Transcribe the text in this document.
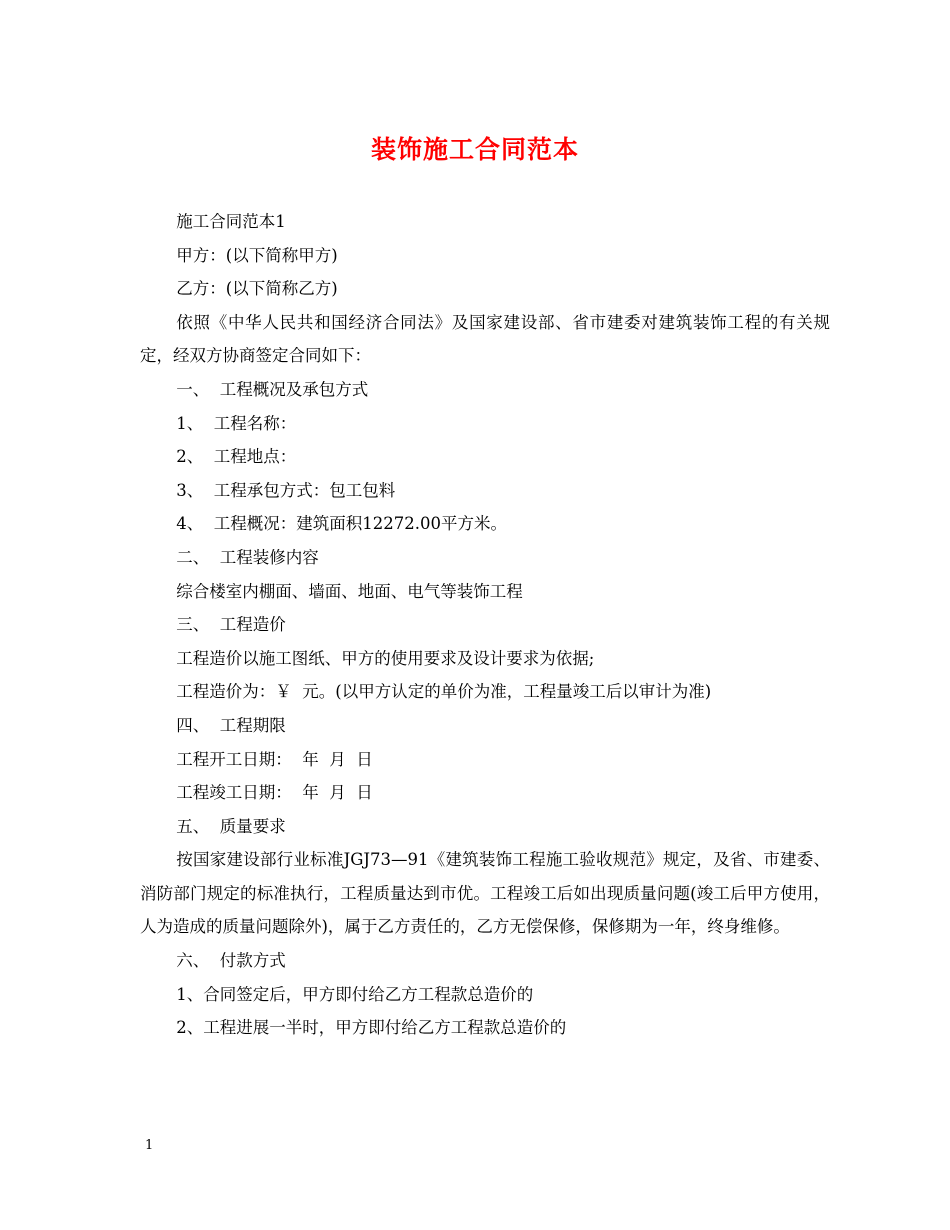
装饰施工合同范本

施工合同范本1

甲方：(以下简称甲方)

乙方：(以下简称乙方)

依照《中华人民共和国经济合同法》及国家建设部、省市建委对建筑装饰工程的有关规定，经双方协商签定合同如下：

一、  工程概况及承包方式

1、  工程名称：

2、  工程地点：

3、  工程承包方式：包工包料

4、  工程概况：建筑面积12272.00平方米。

二、  工程装修内容

综合楼室内棚面、墙面、地面、电气等装饰工程

三、  工程造价

工程造价以施工图纸、甲方的使用要求及设计要求为依据;

工程造价为：￥  元。(以甲方认定的单价为准，工程量竣工后以审计为准)

四、  工程期限

工程开工日期：  年  月  日

工程竣工日期：  年  月  日

五、  质量要求

按国家建设部行业标准JGJ73—91《建筑装饰工程施工验收规范》规定，及省、市建委、消防部门规定的标准执行，工程质量达到市优。工程竣工后如出现质量问题(竣工后甲方使用，人为造成的质量问题除外)，属于乙方责任的，乙方无偿保修，保修期为一年，终身维修。

六、  付款方式

1、合同签定后，甲方即付给乙方工程款总造价的

2、工程进展一半时，甲方即付给乙方工程款总造价的

1
